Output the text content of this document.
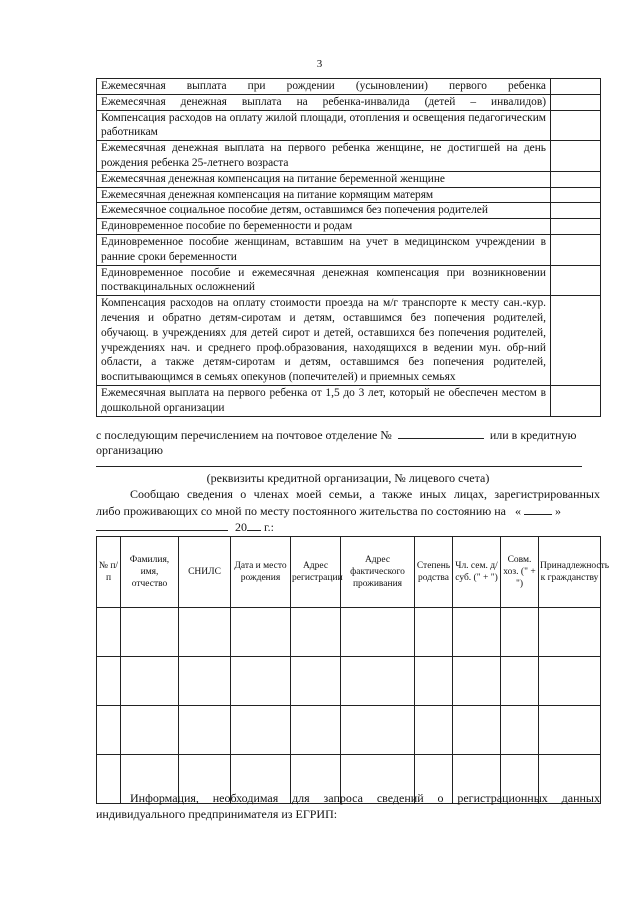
3
Ежемесячная выплата при рождении (усыновлении) первого ребенка	
Ежемесячная денежная выплата на ребенка-инвалида (детей – инвалидов)	
Компенсация расходов на оплату жилой площади, отопления и освещения педагогическим работникам	
Ежемесячная денежная выплата на первого ребенка женщине, не достигшей на день рождения ребенка 25-летнего возраста	
Ежемесячная денежная компенсация на питание беременной женщине	
Ежемесячная денежная компенсация на питание кормящим матерям	
Ежемесячное социальное пособие детям, оставшимся без попечения родителей	
Единовременное пособие по беременности и родам	
Единовременное пособие женщинам, вставшим на учет в медицинском учреждении в ранние сроки беременности	
Единовременное пособие и ежемесячная денежная компенсация при возникновении поствакцинальных осложнений	
Компенсация расходов на оплату стоимости проезда на м/г транспорте к месту сан.-кур. лечения и обратно детям-сиротам и детям, оставшимся без попечения родителей, обучающ. в учреждениях для детей сирот и детей, оставшихся без попечения родителей, учреждениях нач. и среднего проф.образования, находящихся в ведении мун. обр-ний области, а также детям-сиротам и детям, оставшимся без попечения родителей, воспитывающимся в семьях опекунов (попечителей) и приемных семьях	
Ежемесячная выплата на первого ребенка от 1,5 до 3 лет, который не обеспечен местом в дошкольной организации	
с последующим перечислением на почтовое отделение №	или в кредитную
организацию
(реквизиты кредитной организации, № лицевого счета)
Сообщаю сведения о членах моей семьи, а также иных лицах, зарегистрированных
либо проживающих со мной по месту постоянного жительства по состоянию на «	»
20 г.:
№ п/п	Фамилия, имя, отчество	СНИЛС	Дата и место рождения	Адрес регистрации	Адрес фактического проживания	Степень родства	Чл. сем. д/суб. (" + ")	Совм. хоз. (" + ")	Принадлежность к гражданству

Информация, необходимая для запроса сведений о регистрационных данных
индивидуального предпринимателя из ЕГРИП:
